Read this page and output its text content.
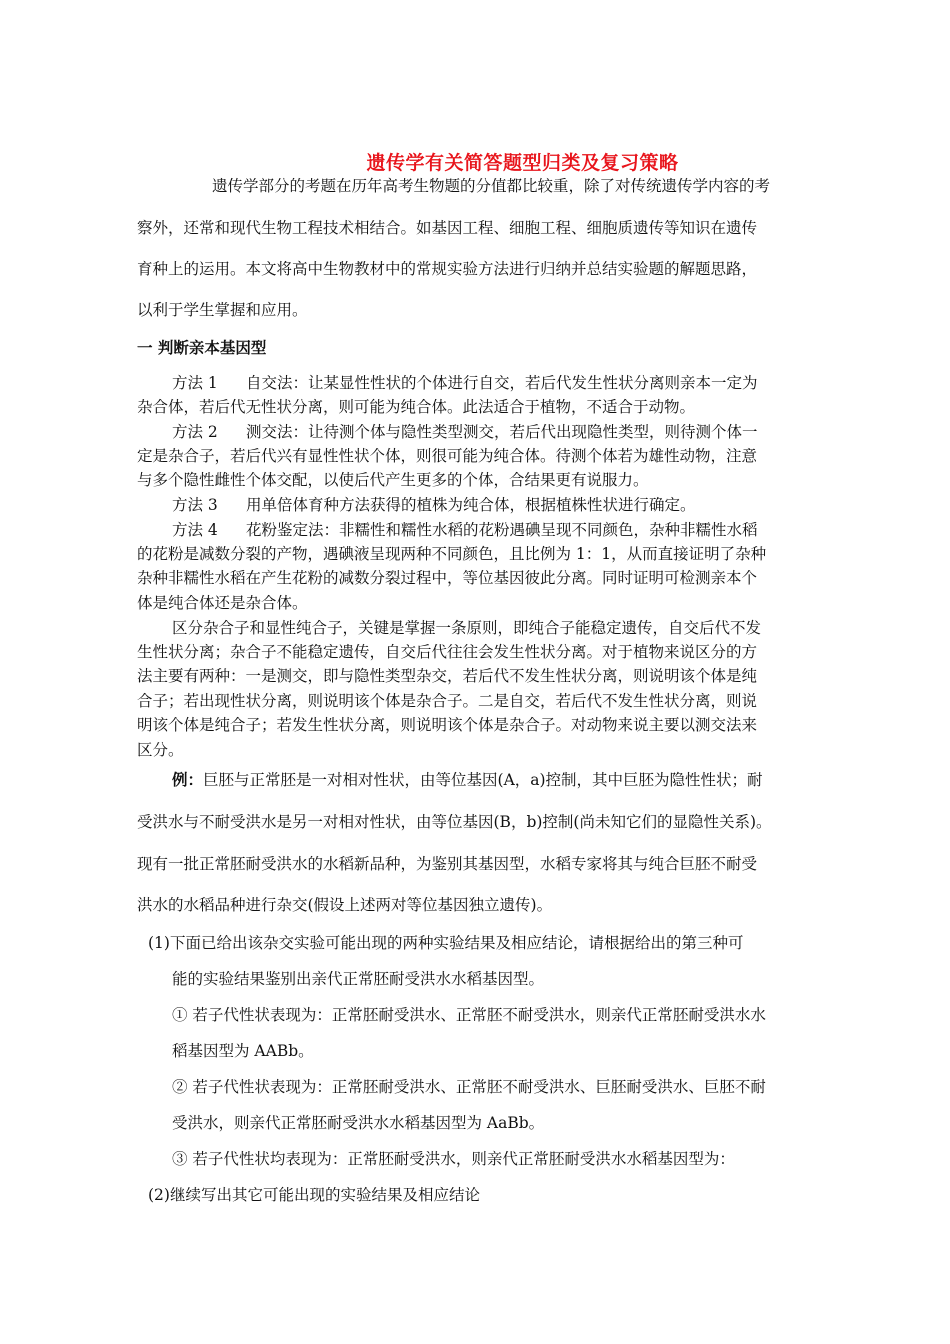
遗传学有关简答题型归类及复习策略
遗传学部分的考题在历年高考生物题的分值都比较重，除了对传统遗传学内容的考
察外，还常和现代生物工程技术相结合。如基因工程、细胞工程、细胞质遗传等知识在遗传
育种上的运用。本文将高中生物教材中的常规实验方法进行归纳并总结实验题的解题思路，
以利于学生掌握和应用。
一 判断亲本基因型
方法 1 自交法：让某显性性状的个体进行自交，若后代发生性状分离则亲本一定为
杂合体，若后代无性状分离，则可能为纯合体。此法适合于植物，不适合于动物。
方法 2 测交法：让待测个体与隐性类型测交，若后代出现隐性类型，则待测个体一
定是杂合子，若后代兴有显性性状个体，则很可能为纯合体。待测个体若为雄性动物，注意
与多个隐性雌性个体交配，以使后代产生更多的个体，合结果更有说服力。
方法 3 用单倍体育种方法获得的植株为纯合体，根据植株性状进行确定。
方法 4 花粉鉴定法：非糯性和糯性水稻的花粉遇碘呈现不同颜色，杂种非糯性水稻
的花粉是减数分裂的产物，遇碘液呈现两种不同颜色，且比例为 1：1，从而直接证明了杂种
杂种非糯性水稻在产生花粉的减数分裂过程中，等位基因彼此分离。同时证明可检测亲本个
体是纯合体还是杂合体。
区分杂合子和显性纯合子，关键是掌握一条原则，即纯合子能稳定遗传，自交后代不发
生性状分离；杂合子不能稳定遗传，自交后代往往会发生性状分离。对于植物来说区分的方
法主要有两种：一是测交，即与隐性类型杂交，若后代不发生性状分离，则说明该个体是纯
合子；若出现性状分离，则说明该个体是杂合子。二是自交，若后代不发生性状分离，则说
明该个体是纯合子；若发生性状分离，则说明该个体是杂合子。对动物来说主要以测交法来
区分。
例：巨胚与正常胚是一对相对性状，由等位基因(A，a)控制，其中巨胚为隐性性状；耐
受洪水与不耐受洪水是另一对相对性状，由等位基因(B，b)控制(尚未知它们的显隐性关系)。
现有一批正常胚耐受洪水的水稻新品种，为鉴别其基因型，水稻专家将其与纯合巨胚不耐受
洪水的水稻品种进行杂交(假设上述两对等位基因独立遗传)。
(1)下面已给出该杂交实验可能出现的两种实验结果及相应结论，请根据给出的第三种可
能的实验结果鉴别出亲代正常胚耐受洪水水稻基因型。
① 若子代性状表现为：正常胚耐受洪水、正常胚不耐受洪水，则亲代正常胚耐受洪水水
稻基因型为 AABb。
② 若子代性状表现为：正常胚耐受洪水、正常胚不耐受洪水、巨胚耐受洪水、巨胚不耐
受洪水，则亲代正常胚耐受洪水水稻基因型为 AaBb。
③ 若子代性状均表现为：正常胚耐受洪水，则亲代正常胚耐受洪水水稻基因型为：
(2)继续写出其它可能出现的实验结果及相应结论
